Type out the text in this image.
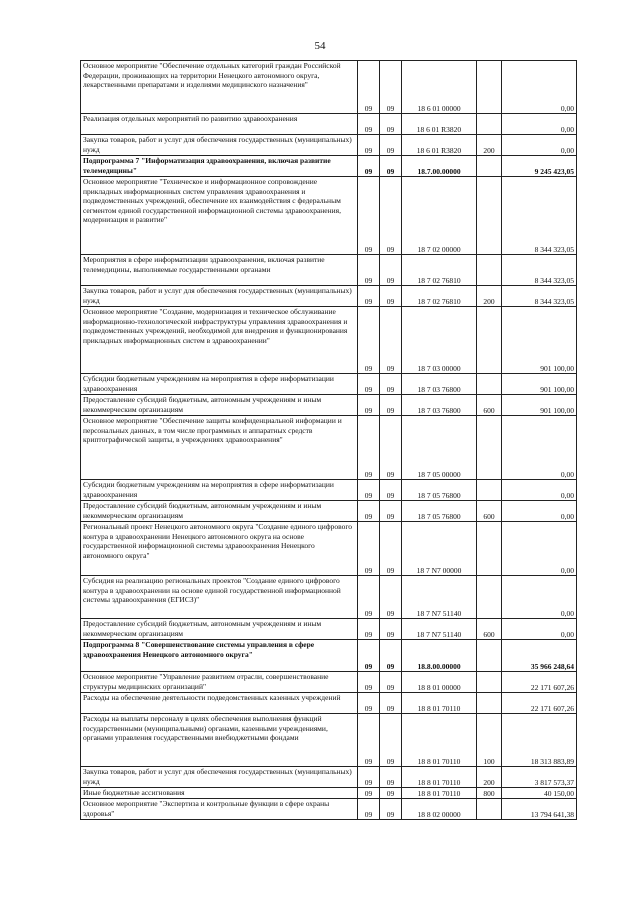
54
Основное мероприятие "Обеспечение отдельных категорий граждан Российской Федерации, проживающих на территории Ненецкого автономного округа, лекарственными препаратами и изделиями медицинского назначения"	09	09	18 6 01 00000		0,00
Реализация отдельных мероприятий по развитию здравоохранения	09	09	18 6 01 R3820		0,00
Закупка товаров, работ и услуг для обеспечения государственных (муниципальных) нужд	09	09	18 6 01 R3820	200	0,00
Подпрограмма 7 "Информатизация здравоохранения, включая развитие телемедицины"	09	09	18.7.00.00000		9 245 423,05
Основное мероприятие "Техническое и информационное сопровождение прикладных информационных систем управления здравоохранения и подведомственных учреждений, обеспечение их взаимодействия с федеральным сегментом единой государственной информационной системы здравоохранения, модернизация и развитие"	09	09	18 7 02 00000		8 344 323,05
Мероприятия в сфере информатизации здравоохранения, включая развитие телемедицины, выполняемые государственными органами	09	09	18 7 02 76810		8 344 323,05
Закупка товаров, работ и услуг для обеспечения государственных (муниципальных) нужд	09	09	18 7 02 76810	200	8 344 323,05
Основное мероприятие "Создание, модернизация и техническое обслуживание информационно-технологической инфраструктуры управления здравоохранения и подведомственных учреждений, необходимой для внедрения и функционирования прикладных информационных систем в здравоохранении"	09	09	18 7 03 00000		901 100,00
Субсидии бюджетным учреждениям на мероприятия в сфере информатизации здравоохранения	09	09	18 7 03 76800		901 100,00
Предоставление субсидий бюджетным, автономным учреждениям и иным некоммерческим организациям	09	09	18 7 03 76800	600	901 100,00
Основное мероприятие "Обеспечение защиты конфиденциальной информации и персональных данных, в том числе программных и аппаратных средств криптографической защиты, в учреждениях здравоохранения"	09	09	18 7 05 00000		0,00
Субсидии бюджетным учреждениям на мероприятия в сфере информатизации здравоохранения	09	09	18 7 05 76800		0,00
Предоставление субсидий бюджетным, автономным учреждениям и иным некоммерческим организациям	09	09	18 7 05 76800	600	0,00
Региональный проект Ненецкого автономного округа "Создание единого цифрового контура в здравоохранении Ненецкого автономного округа на основе государственной информационной системы здравоохранения Ненецкого автономного округа"	09	09	18 7 N7 00000		0,00
Субсидия на реализацию региональных проектов "Создание единого цифрового контура в здравоохранении на основе единой государственной информационной системы здравоохранения (ЕГИСЗ)"	09	09	18 7 N7 51140		0,00
Предоставление субсидий бюджетным, автономным учреждениям и иным некоммерческим организациям	09	09	18 7 N7 51140	600	0,00
Подпрограмма 8 "Совершенствование системы управления в сфере здравоохранения Ненецкого автономного округа"	09	09	18.8.00.00000		35 966 248,64
Основное мероприятие "Управление развитием отрасли, совершенствование структуры медицинских организаций"	09	09	18 8 01 00000		22 171 607,26
Расходы на обеспечение деятельности подведомственных казенных учреждений	09	09	18 8 01 70110		22 171 607,26
Расходы на выплаты персоналу в целях обеспечения выполнения функций государственными (муниципальными) органами, казенными учреждениями, органами управления государственными внебюджетными фондами	09	09	18 8 01 70110	100	18 313 883,89
Закупка товаров, работ и услуг для обеспечения государственных (муниципальных) нужд	09	09	18 8 01 70110	200	3 817 573,37
Иные бюджетные ассигнования	09	09	18 8 01 70110	800	40 150,00
Основное мероприятие "Экспертиза и контрольные функции в сфере охраны здоровья"	09	09	18 8 02 00000		13 794 641,38
